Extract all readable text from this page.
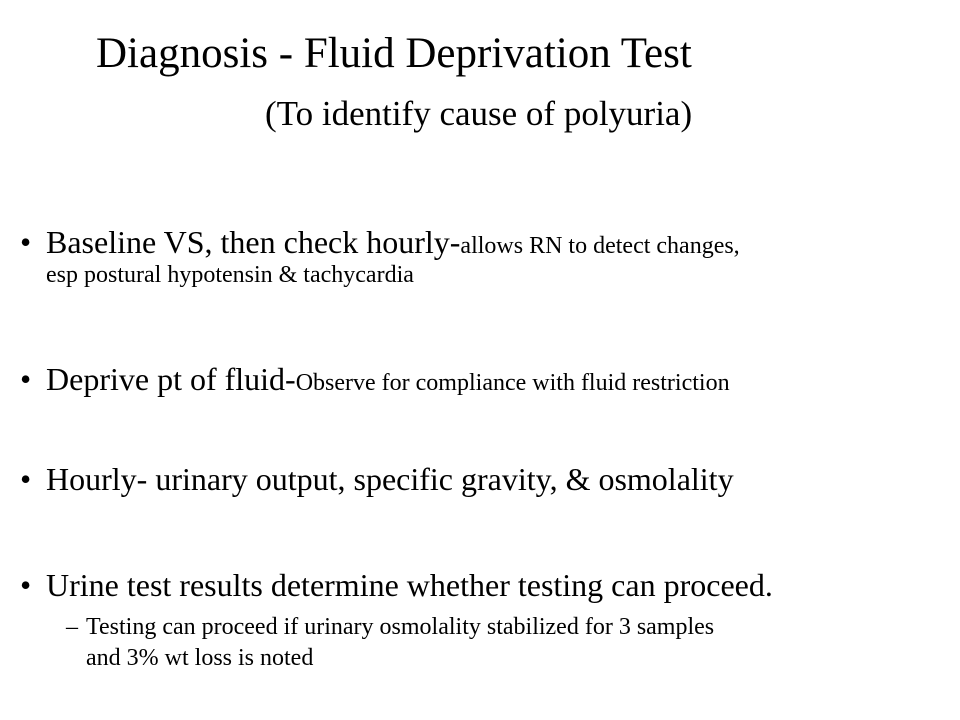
Diagnosis - Fluid Deprivation Test
(To identify cause of polyuria)
• Baseline VS, then check hourly-allows RN to detect changes,
esp postural hypotensin & tachycardia
• Deprive pt of fluid-Observe for compliance with fluid restriction
• Hourly- urinary output, specific gravity, & osmolality
• Urine test results determine whether testing can proceed.
– Testing can proceed if urinary osmolality stabilized for 3 samples
and 3% wt loss is noted
